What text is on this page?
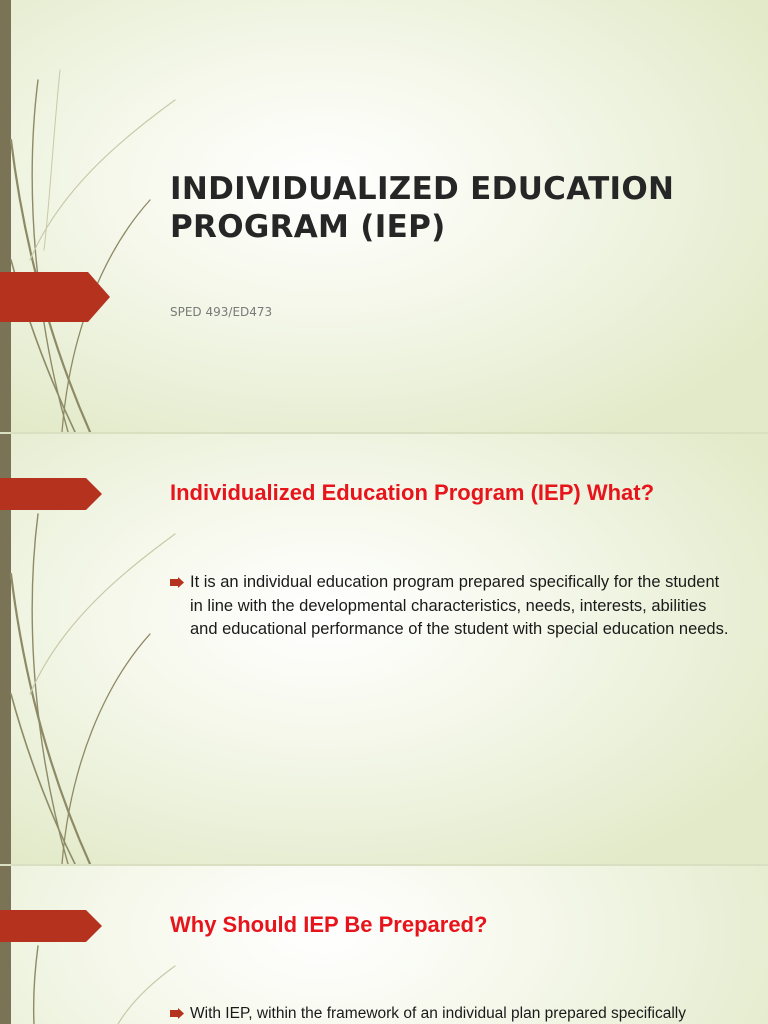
INDIVIDUALIZED EDUCATION PROGRAM (IEP)

SPED 493/ED473

Individualized Education Program (IEP) What?

It is an individual education program prepared specifically for the student in line with the developmental characteristics, needs, interests, abilities and educational performance of the student with special education needs.

Why Should IEP Be Prepared?

With IEP, within the framework of an individual plan prepared specifically
